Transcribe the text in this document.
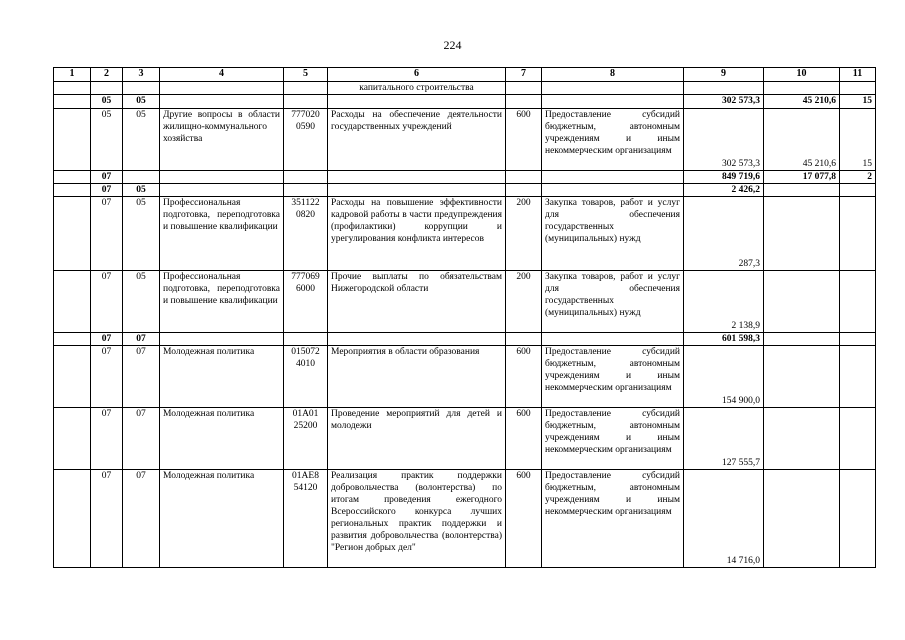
224
1	2	3	4	5	6	7	8	9	10	11
					капитального строительства					
	05	05						302 573,3	45 210,6	15
	05	05	Другие вопросы в области жилищно-коммунального хозяйства	777020 0590	Расходы на обеспечение деятельности государственных учреждений	600	Предоставление субсидий бюджетным, автономным учреждениям и иным некоммерческим организациям	302 573,3	45 210,6	15
	07							849 719,6	17 077,8	2
	07	05						2 426,2		
	07	05	Профессиональная подготовка, переподготовка и повышение квалификации	351122 0820	Расходы на повышение эффективности кадровой работы в части предупреждения (профилактики) коррупции и урегулирования конфликта интересов	200	Закупка товаров, работ и услуг для обеспечения государственных (муниципальных) нужд	287,3		
	07	05	Профессиональная подготовка, переподготовка и повышение квалификации	777069 6000	Прочие выплаты по обязательствам Нижегородской области	200	Закупка товаров, работ и услуг для обеспечения государственных (муниципальных) нужд	2 138,9		
	07	07						601 598,3		
	07	07	Молодежная политика	015072 4010	Мероприятия в области образования	600	Предоставление субсидий бюджетным, автономным учреждениям и иным некоммерческим организациям	154 900,0		
	07	07	Молодежная политика	01А01 25200	Проведение мероприятий для детей и молодежи	600	Предоставление субсидий бюджетным, автономным учреждениям и иным некоммерческим организациям	127 555,7		
	07	07	Молодежная политика	01АЕ8 54120	Реализация практик поддержки добровольчества (волонтерства) по итогам проведения ежегодного Всероссийского конкурса лучших региональных практик поддержки и развития добровольчества (волонтерства) "Регион добрых дел"	600	Предоставление субсидий бюджетным, автономным учреждениям и иным некоммерческим организациям	14 716,0		
